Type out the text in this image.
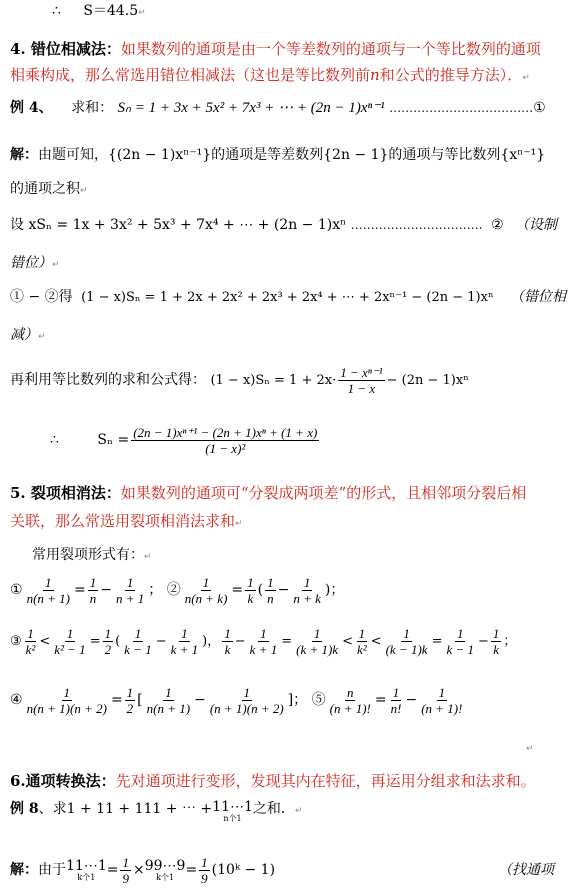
∴ S＝44.5↵
4. 错位相减法：如果数列的通项是由一个等差数列的通项与一个等比数列的通项
相乘构成，那么常选用错位相减法（这也是等比数列前n和公式的推导方法）．↵
例 4、 求和： Sₙ = 1 + 3x + 5x² + 7x³ + ⋯ + (2n − 1)xⁿ⁻¹ ………………………………①
解：由题可知，{(2n − 1)xⁿ⁻¹}的通项是等差数列{2n − 1}的通项与等比数列{xⁿ⁻¹}
的通项之积↵
设 xSₙ = 1x + 3x² + 5x³ + 7x⁴ + ⋯ + (2n − 1)xⁿ …………………………… ② （设制
错位）↵
① − ②得 (1 − x)Sₙ = 1 + 2x + 2x² + 2x³ + 2x⁴ + ⋯ + 2xⁿ⁻¹ − (2n − 1)xⁿ （错位相
减）↵
再利用等比数列的求和公式得： $(1 - x)S_n = 1 + 2x\cdot \frac{\text{1 − xⁿ⁻¹}}{1 - x} - (2n - 1)x^n$
∴	$S_n = \frac{\text{(2n − 1)xⁿ⁺¹ − (2n + 1)xⁿ + (1 + x)}}{\text{(1 − x)²}}$
5. 裂项相消法：如果数列的通项可“分裂成两项差”的形式，且相邻项分裂后相
关联，那么常选用裂项相消法求和↵
常用裂项形式有：↵
① $\frac{1}{n(n + 1)} = \frac{1}{n} - \frac{1}{n + 1}$ ； ② $\frac{1}{n(n + k)} = \frac{1}{k}$ ( $\frac{1}{n} - \frac{1}{n + k}$ )；
③ $\frac{1}{\text{k²}} < \frac{1}{\text{k² − 1}} = \frac{1}{2}$ ( $\frac{1}{k - 1} - \frac{1}{k + 1}$ )， $\frac{1}{k} - \frac{1}{k + 1} = \frac{1}{(k + 1)k} < \frac{1}{\text{k²}} < \frac{1}{(k - 1)k} = \frac{1}{k - 1} - \frac{1}{k}$ ；
④ $\frac{1}{n(n + 1)(n + 2)} = \frac{1}{2}$ [ $\frac{1}{n(n + 1)} - \frac{1}{(n + 1)(n + 2)}$ ]； ⑤ $\frac{n}{(n + 1)!} = \frac{1}{n!} - \frac{1}{(n + 1)!}$
↵
6.通项转换法：先对通项进行变形，发现其内在特征，再运用分组求和法求和。
例 8、求1 + 11 + 111 + ⋯ + 11⋯1
n个1
之和．↵
解：由于 11⋯1
k个$1 = \frac{1}{9}$ × 99⋯9
k个$1 = \frac{1}{9}$ (10ᵏ − 1)	（找通项
